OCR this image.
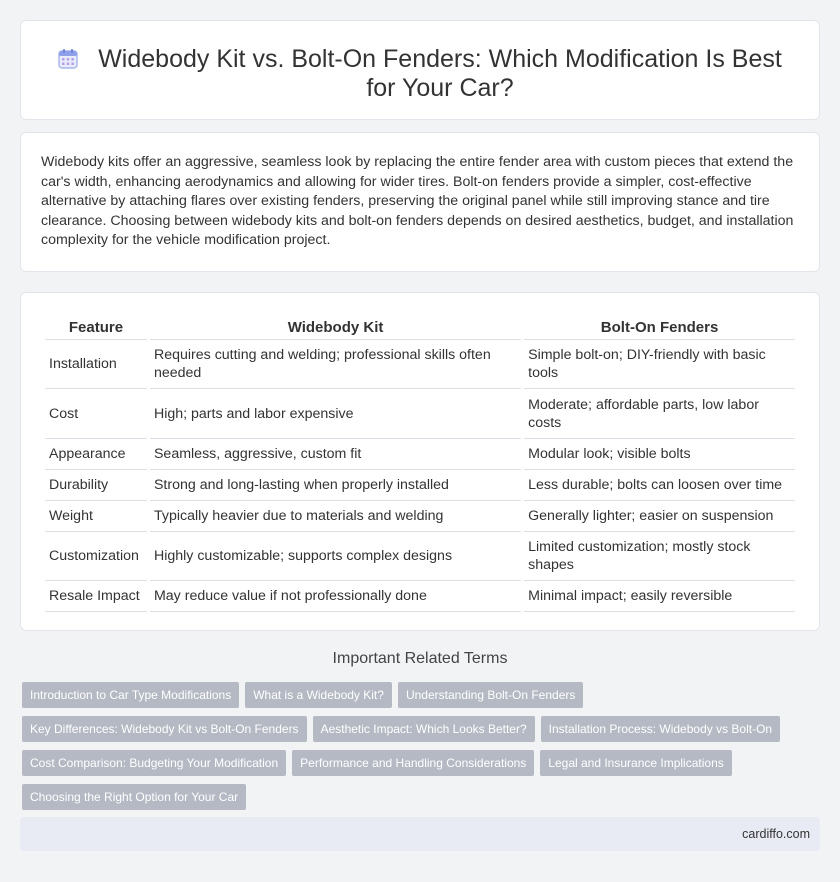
Widebody Kit vs. Bolt-On Fenders: Which Modification Is Best for Your Car?

Widebody kits offer an aggressive, seamless look by replacing the entire fender area with custom pieces that extend the car's width, enhancing aerodynamics and allowing for wider tires. Bolt-on fenders provide a simpler, cost-effective alternative by attaching flares over existing fenders, preserving the original panel while still improving stance and tire clearance. Choosing between widebody kits and bolt-on fenders depends on desired aesthetics, budget, and installation complexity for the vehicle modification project.

Feature	Widebody Kit	Bolt-On Fenders
Installation	Requires cutting and welding; professional skills often needed	Simple bolt-on; DIY-friendly with basic tools
Cost	High; parts and labor expensive	Moderate; affordable parts, low labor costs
Appearance	Seamless, aggressive, custom fit	Modular look; visible bolts
Durability	Strong and long-lasting when properly installed	Less durable; bolts can loosen over time
Weight	Typically heavier due to materials and welding	Generally lighter; easier on suspension
Customization	Highly customizable; supports complex designs	Limited customization; mostly stock shapes
Resale Impact	May reduce value if not professionally done	Minimal impact; easily reversible
Important Related Terms
Introduction to Car Type Modifications	What is a Widebody Kit?	Understanding Bolt-On Fenders
Key Differences: Widebody Kit vs Bolt-On Fenders	Aesthetic Impact: Which Looks Better?	Installation Process: Widebody vs Bolt-On
Cost Comparison: Budgeting Your Modification	Performance and Handling Considerations	Legal and Insurance Implications
Choosing the Right Option for Your Car
cardiffo.com
